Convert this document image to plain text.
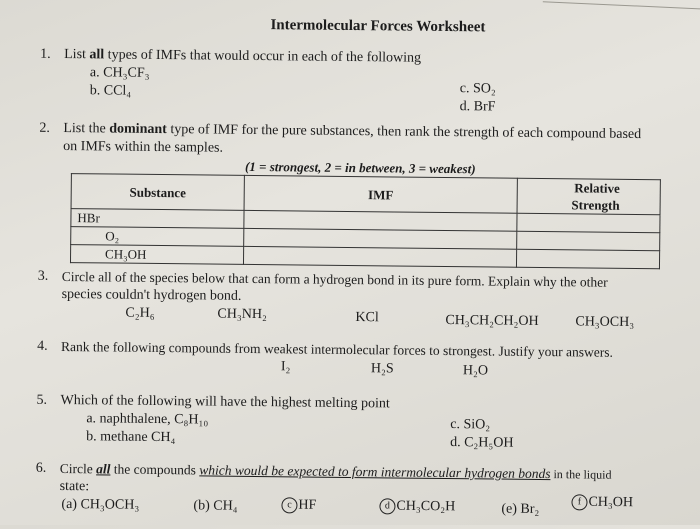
Intermolecular Forces Worksheet
1. List all types of IMFs that would occur in each of the following
a. CH₃CF₃
b. CCl₄	c. SO₂
d. BrF
2. List the dominant type of IMF for the pure substances, then rank the strength of each compound based
on IMFs within the samples.
(1 = strongest, 2 = in between, 3 = weakest)
Substance	IMF	Relative Strength
HBr		
O₂		
CH₃OH		
3. Circle all of the species below that can form a hydrogen bond in its pure form. Explain why the other
species couldn't hydrogen bond.
C₂H₆	CH₃NH₂	KCl	CH₃CH₂CH₂OH	CH₃OCH₃
4. Rank the following compounds from weakest intermolecular forces to strongest. Justify your answers.
I₂	H₂S	H₂O
5. Which of the following will have the highest melting point
a. naphthalene, C₈H₁₀
b. methane CH₄
c. SiO₂
d. C₂H₅OH
6. Circle all the compounds which would be expected to form intermolecular hydrogen bonds in the liquid
state:
(a) CH₃OCH₃	(b) CH₄	c HF	d CH₃CO₂H	(e) Br₂	f CH₃OH
